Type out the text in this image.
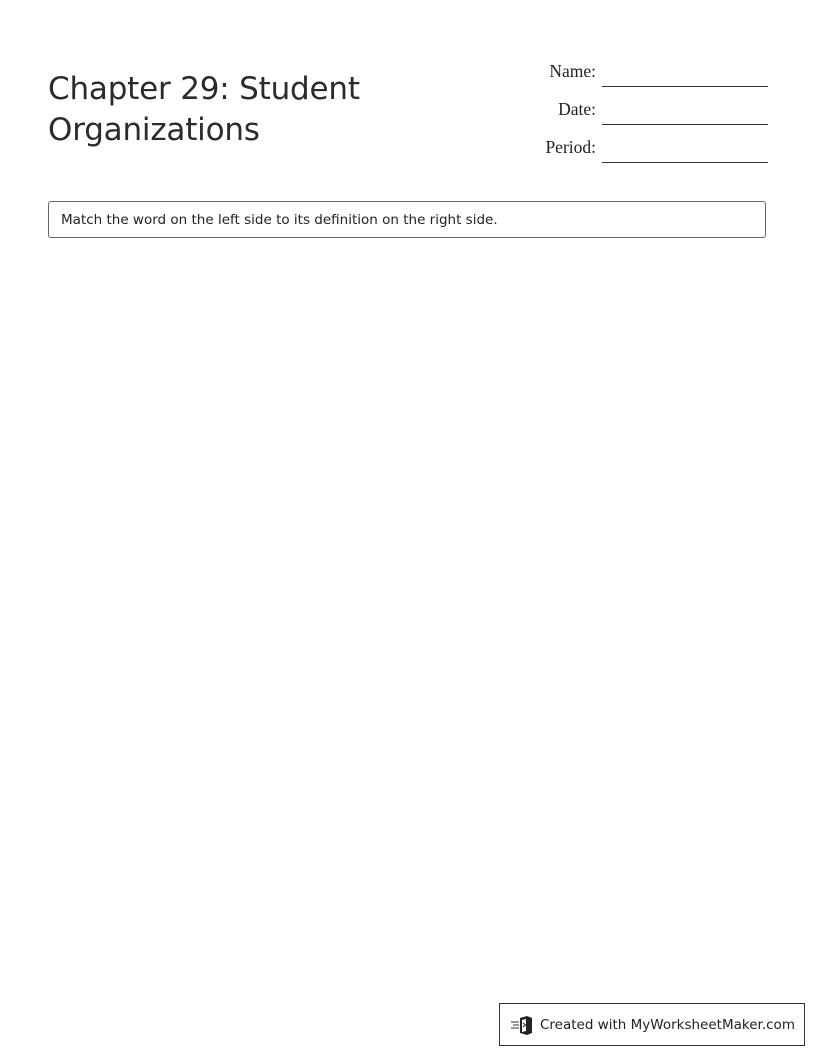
Chapter 29: Student Organizations
Name:
Date:
Period:
Match the word on the left side to its definition on the right side.
Created with MyWorksheetMaker.com
